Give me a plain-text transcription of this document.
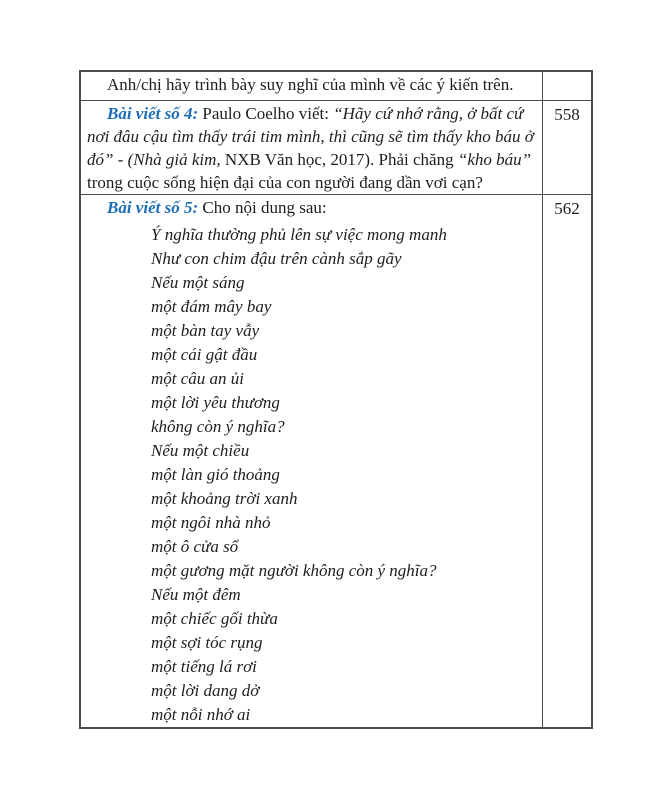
Anh/chị hãy trình bày suy nghĩ của mình về các ý kiến trên.	

Bài viết số 4: Paulo Coelho viết: “Hãy cứ nhớ rằng, ở bất cứ nơi đâu cậu tìm thấy trái tim mình, thì cũng sẽ tìm thấy kho báu ở đó” - (Nhà giả kim, NXB Văn học, 2017). Phải chăng “kho báu” trong cuộc sống hiện đại của con người đang dần vơi cạn?	558

Bài viết số 5: Cho nội dung sau:

Ý nghĩa thường phủ lên sự việc mong manh
Như con chim đậu trên cành sắp gãy
Nếu một sáng
một đám mây bay
một bàn tay vẫy
một cái gật đầu
một câu an ủi
một lời yêu thương
không còn ý nghĩa?
Nếu một chiều
một làn gió thoảng
một khoảng trời xanh
một ngôi nhà nhỏ
một ô cửa sổ
một gương mặt người không còn ý nghĩa?
Nếu một đêm
một chiếc gối thừa
một sợi tóc rụng
một tiếng lá rơi
một lời dang dở
một nỗi nhớ ai
	562
